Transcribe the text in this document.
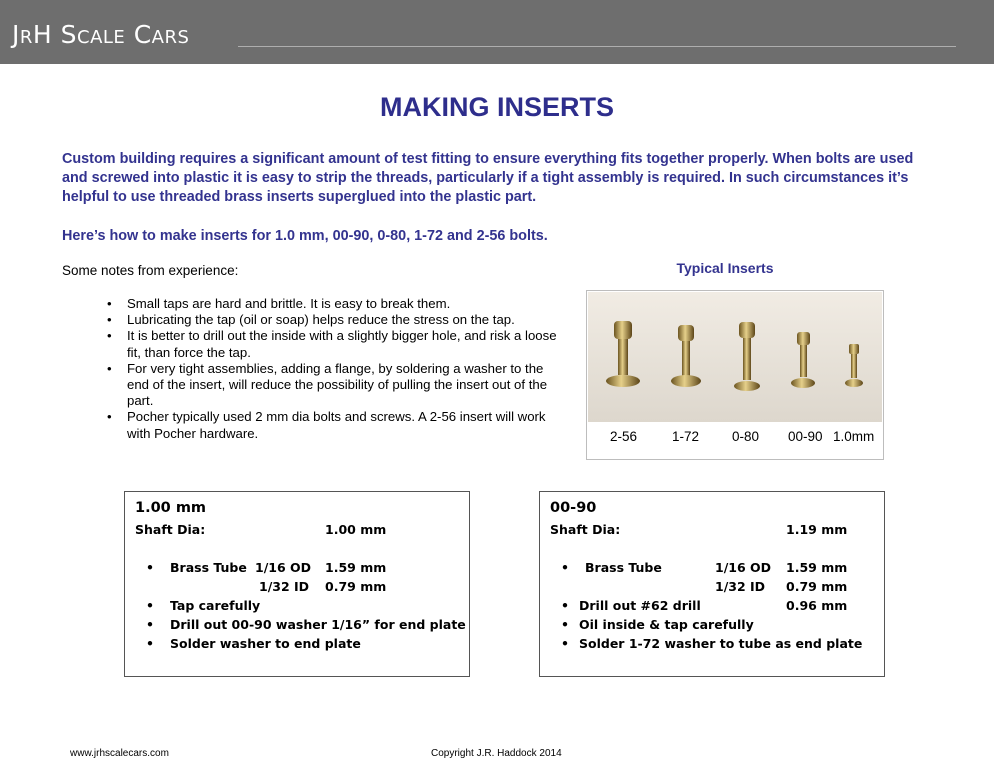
JrH Scale Cars
MAKING INSERTS
Custom building requires a significant amount of test fitting to ensure everything fits together properly. When bolts are used and screwed into plastic it is easy to strip the threads, particularly if a tight assembly is required. In such circumstances it’s helpful to use threaded brass inserts superglued into the plastic part.
Here’s how to make inserts for 1.0 mm, 00-90, 0-80, 1-72 and 2-56 bolts.
Some notes from experience:
• Small taps are hard and brittle. It is easy to break them.
• Lubricating the tap (oil or soap) helps reduce the stress on the tap.
• It is better to drill out the inside with a slightly bigger hole, and risk a loose fit, than force the tap.
• For very tight assemblies, adding a flange, by soldering a washer to the end of the insert, will reduce the possibility of pulling the insert out of the part.
• Pocher typically used 2 mm dia bolts and screws. A 2-56 insert will work with Pocher hardware.
Typical Inserts
2-56	1-72 0-80 00-90 1.0mm
1.00 mm
Shaft Dia:	1.00 mm
• Brass Tube 1/16 OD 1.59 mm
1/32 ID 0.79 mm
• Tap carefully
• Drill out 00-90 washer 1/16” for end plate
• Solder washer to end plate
00-90
Shaft Dia:	1.19 mm
• Brass Tube	1/16 OD 1.59 mm
1/32 ID 0.79 mm
• Drill out #62 drill	0.96 mm
• Oil inside & tap carefully
• Solder 1-72 washer to tube as end plate
www.jrhscalecars.com	Copyright J.R. Haddock 2014
